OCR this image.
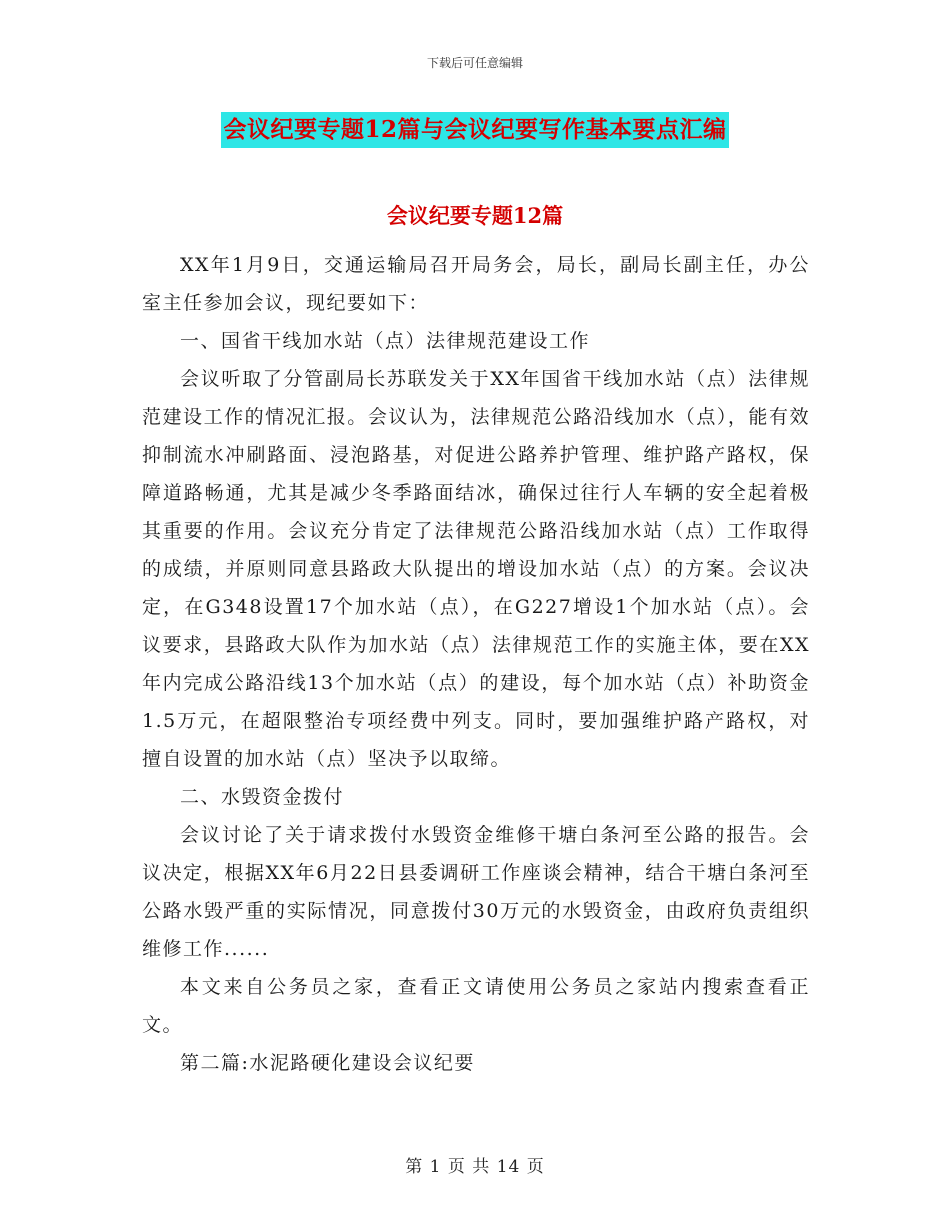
下载后可任意编辑
会议纪要专题12篇与会议纪要写作基本要点汇编
会议纪要专题12篇

XX年1月9日，交通运输局召开局务会，局长，副局长副主任，办公室主任参加会议，现纪要如下：

一、国省干线加水站（点）法律规范建设工作

会议听取了分管副局长苏联发关于XX年国省干线加水站（点）法律规范建设工作的情况汇报。会议认为，法律规范公路沿线加水（点），能有效抑制流水冲刷路面、浸泡路基，对促进公路养护管理、维护路产路权，保障道路畅通，尤其是减少冬季路面结冰，确保过往行人车辆的安全起着极其重要的作用。会议充分肯定了法律规范公路沿线加水站（点）工作取得的成绩，并原则同意县路政大队提出的增设加水站（点）的方案。会议决定，在G348设置17个加水站（点），在G227增设1个加水站（点）。会议要求，县路政大队作为加水站（点）法律规范工作的实施主体，要在XX年内完成公路沿线13个加水站（点）的建设，每个加水站（点）补助资金1.5万元，在超限整治专项经费中列支。同时，要加强维护路产路权，对擅自设置的加水站（点）坚决予以取缔。

二、水毁资金拨付

会议讨论了关于请求拨付水毁资金维修干塘白条河至公路的报告。会议决定，根据XX年6月22日县委调研工作座谈会精神，结合干塘白条河至公路水毁严重的实际情况，同意拨付30万元的水毁资金，由政府负责组织维修工作......

本文来自公务员之家，查看正文请使用公务员之家站内搜索查看正文。

第二篇:水泥路硬化建设会议纪要

第 1 页 共 14 页
